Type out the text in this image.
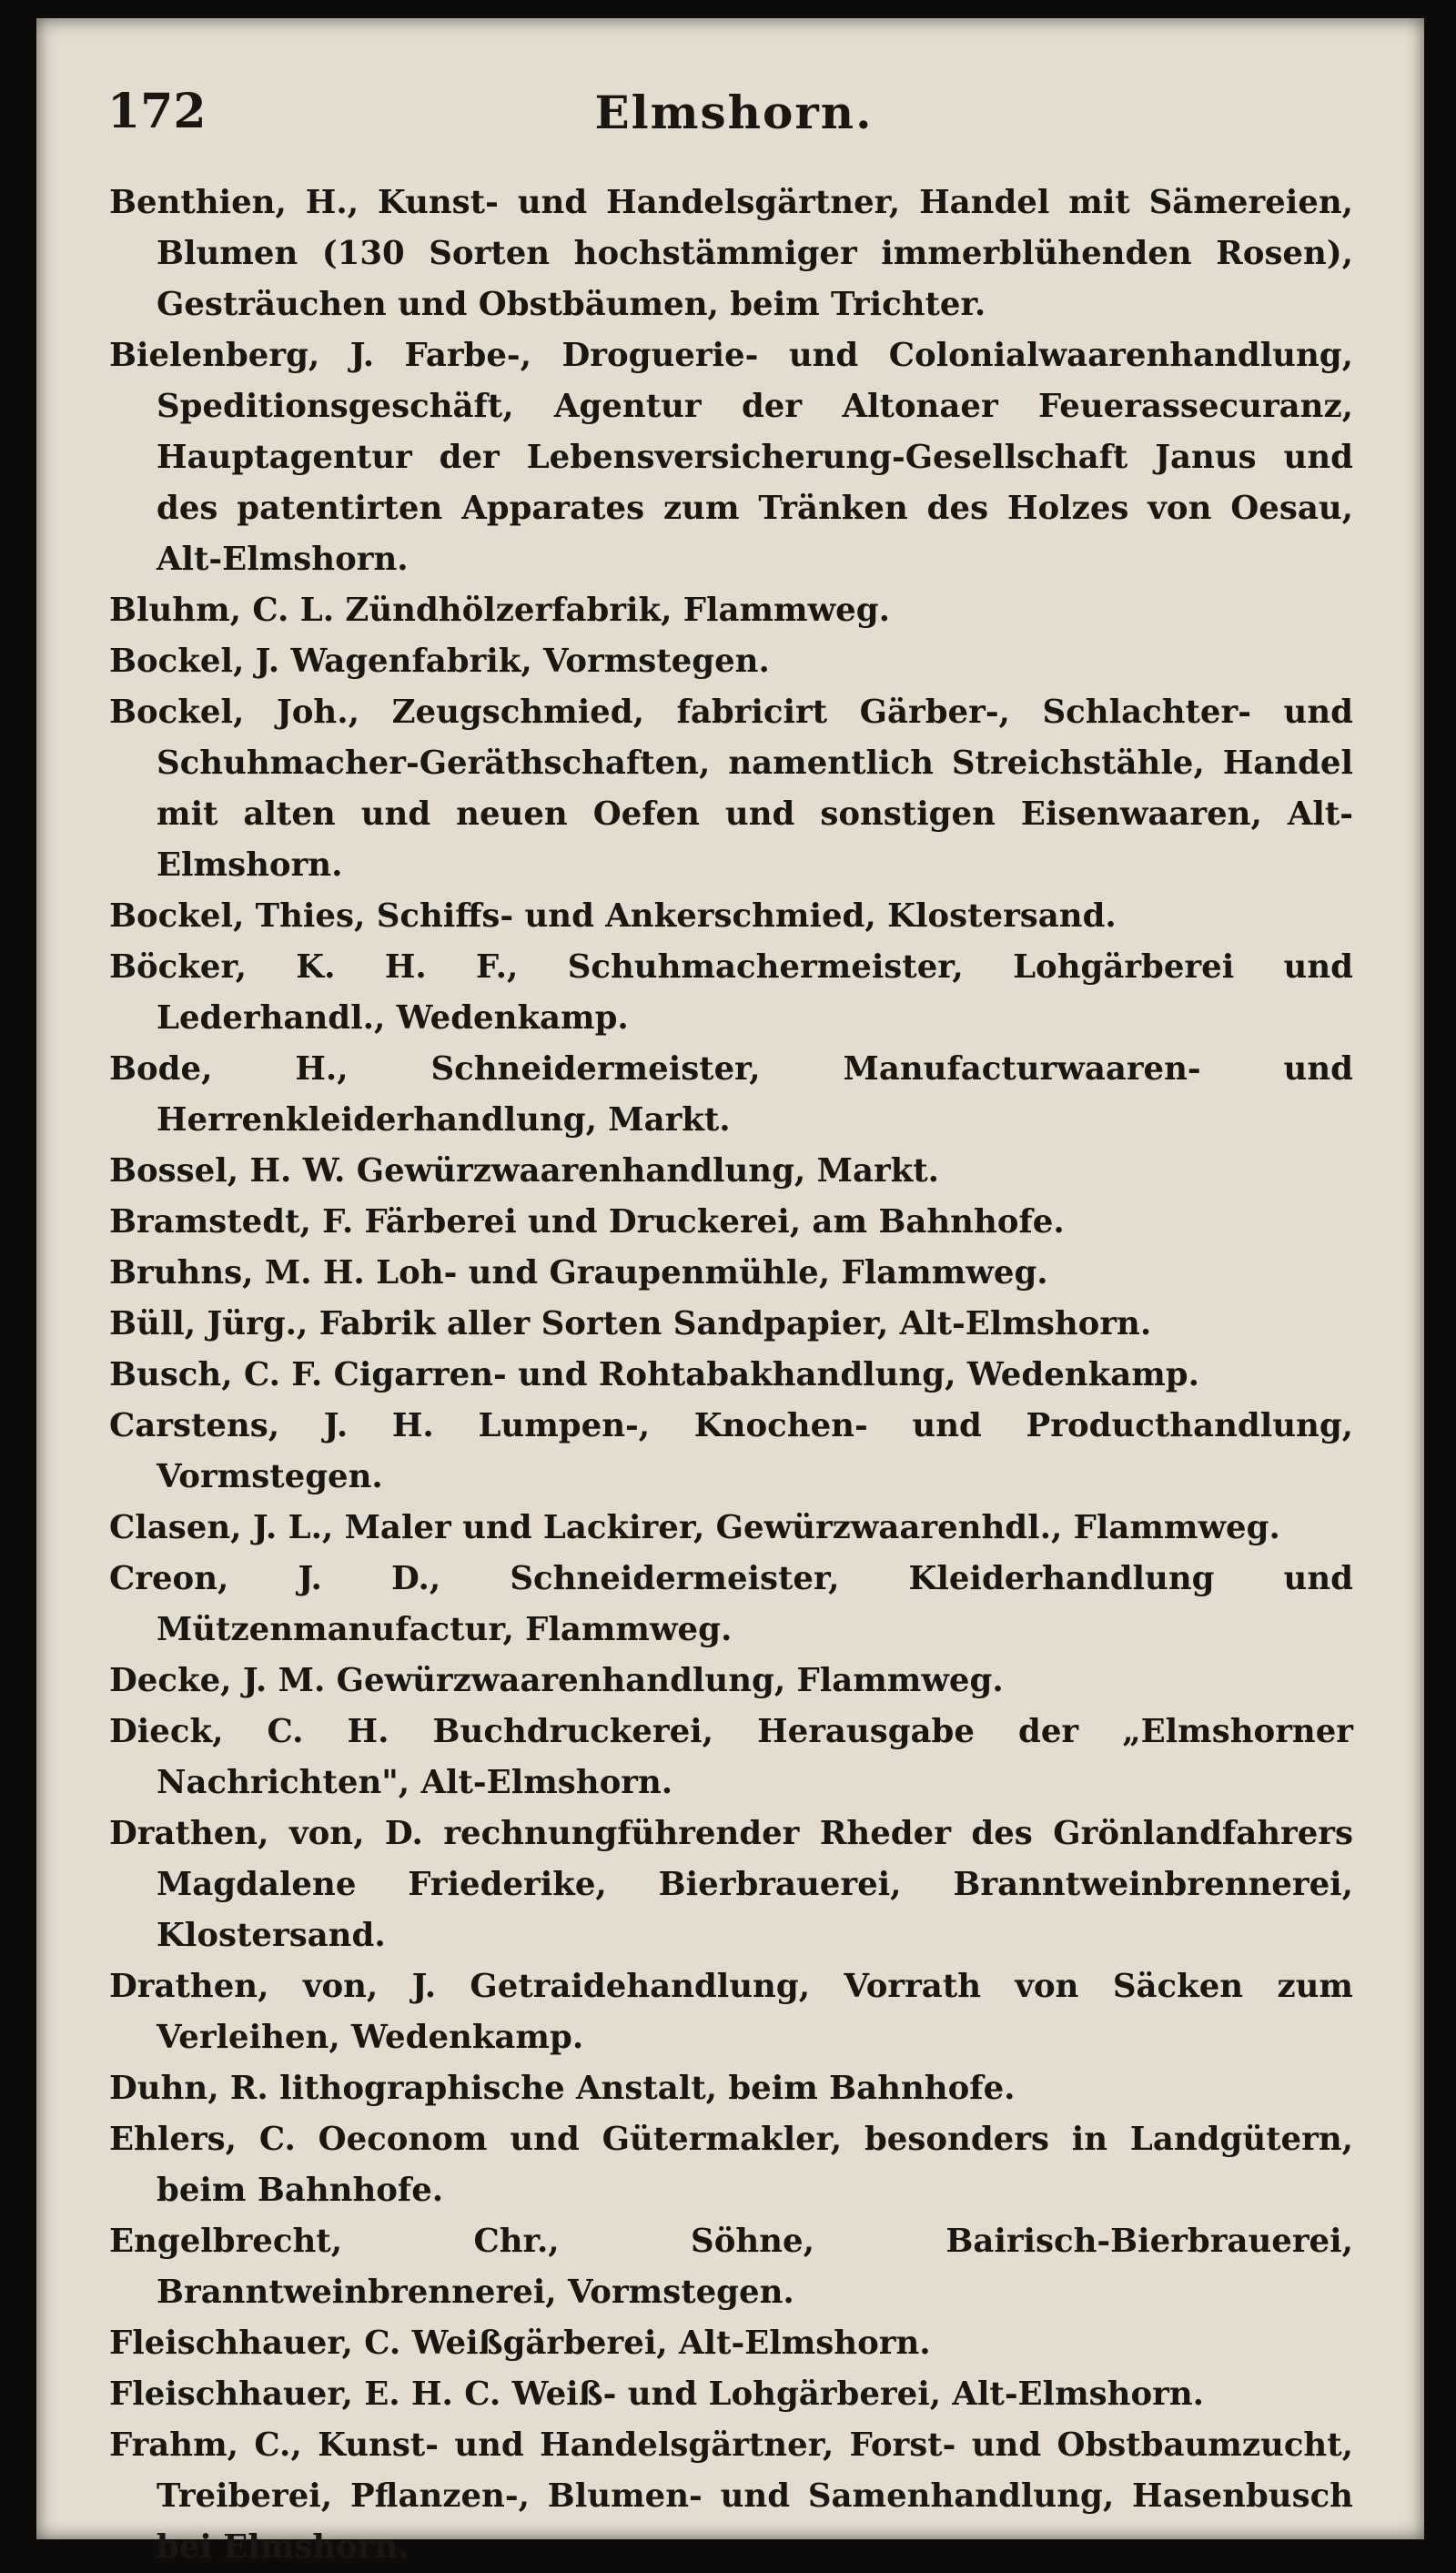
172	Elmshorn.

Benthien, H., Kunst- und Handelsgärtner, Handel mit Sämereien, Blumen (130 Sorten hochstämmiger immerblühenden Rosen), Gesträuchen und Obstbäumen, beim Trichter.

Bielenberg, J. Farbe-, Droguerie- und Colonialwaarenhandlung, Speditionsgeschäft, Agentur der Altonaer Feuerassecuranz, Hauptagentur der Lebensversicherung-Gesellschaft Janus und des patentirten Apparates zum Tränken des Holzes von Oesau, Alt-Elmshorn.

Bluhm, C. L. Zündhölzerfabrik, Flammweg.

Bockel, J. Wagenfabrik, Vormstegen.

Bockel, Joh., Zeugschmied, fabricirt Gärber-, Schlachter- und Schuhmacher-Geräthschaften, namentlich Streichstähle, Handel mit alten und neuen Oefen und sonstigen Eisenwaaren, Alt-Elmshorn.

Bockel, Thies, Schiffs- und Ankerschmied, Klostersand.

Böcker, K. H. F., Schuhmachermeister, Lohgärberei und Lederhandl., Wedenkamp.

Bode, H., Schneidermeister, Manufacturwaaren- und Herrenkleiderhandlung, Markt.

Bossel, H. W. Gewürzwaarenhandlung, Markt.

Bramstedt, F. Färberei und Druckerei, am Bahnhofe.

Bruhns, M. H. Loh- und Graupenmühle, Flammweg.

Büll, Jürg., Fabrik aller Sorten Sandpapier, Alt-Elmshorn.

Busch, C. F. Cigarren- und Rohtabakhandlung, Wedenkamp.

Carstens, J. H. Lumpen-, Knochen- und Producthandlung, Vormstegen.

Clasen, J. L., Maler und Lackirer, Gewürzwaarenhdl., Flammweg.

Creon, J. D., Schneidermeister, Kleiderhandlung und Mützenmanufactur, Flammweg.

Decke, J. M. Gewürzwaarenhandlung, Flammweg.

Dieck, C. H. Buchdruckerei, Herausgabe der „Elmshorner Nachrichten", Alt-Elmshorn.

Drathen, von, D. rechnungführender Rheder des Grönlandfahrers Magdalene Friederike, Bierbrauerei, Branntweinbrennerei, Klostersand.

Drathen, von, J. Getraidehandlung, Vorrath von Säcken zum Verleihen, Wedenkamp.

Duhn, R. lithographische Anstalt, beim Bahnhofe.

Ehlers, C. Oeconom und Gütermakler, besonders in Landgütern, beim Bahnhofe.

Engelbrecht, Chr., Söhne, Bairisch-Bierbrauerei, Branntweinbrennerei, Vormstegen.

Fleischhauer, C. Weißgärberei, Alt-Elmshorn.

Fleischhauer, E. H. C. Weiß- und Lohgärberei, Alt-Elmshorn.

Frahm, C., Kunst- und Handelsgärtner, Forst- und Obstbaumzucht, Treiberei, Pflanzen-, Blumen- und Samenhandlung, Hasenbusch bei Elmshorn.
